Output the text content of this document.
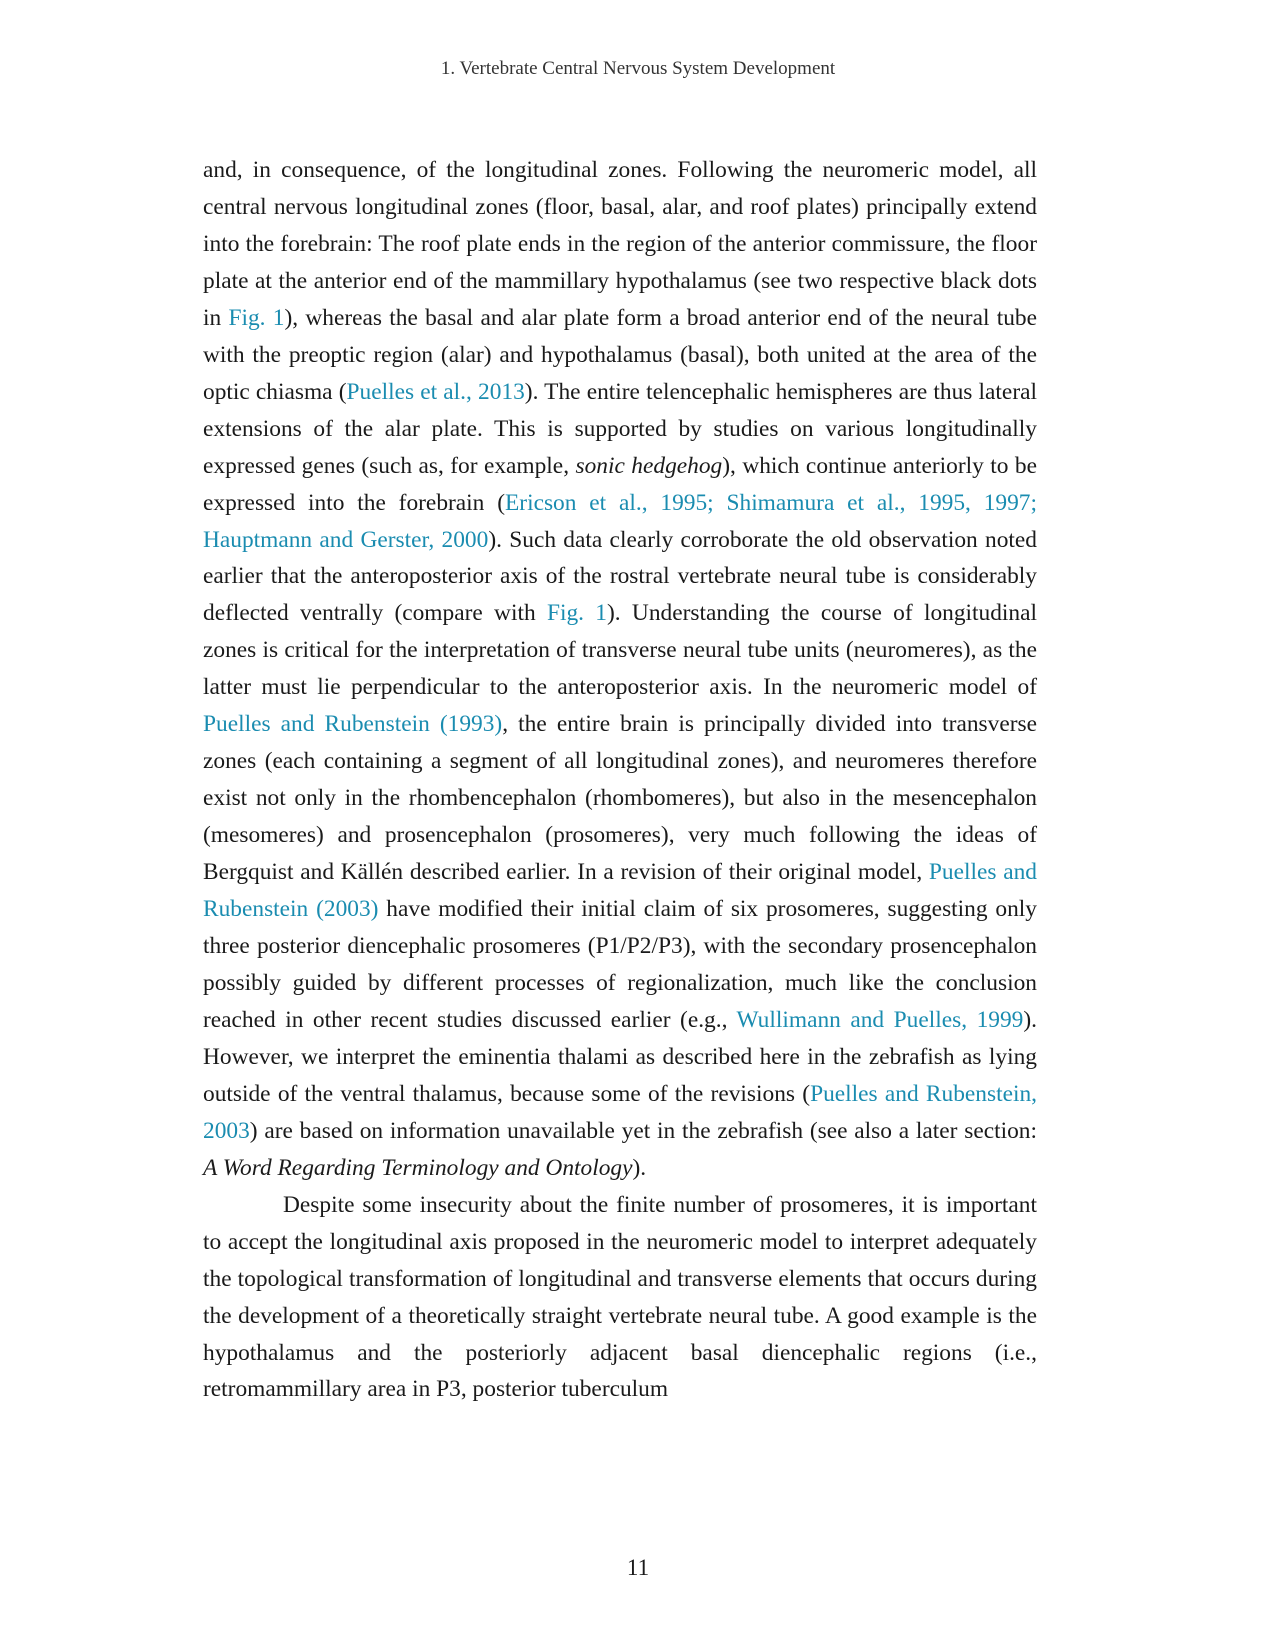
1. Vertebrate Central Nervous System Development

and, in consequence, of the longitudinal zones. Following the neuromeric model, all central nervous longitudinal zones (floor, basal, alar, and roof plates) principally extend into the forebrain: The roof plate ends in the region of the anterior commissure, the floor plate at the anterior end of the mammillary hypothalamus (see two respective black dots in Fig. 1), whereas the basal and alar plate form a broad anterior end of the neural tube with the preoptic region (alar) and hypothalamus (basal), both united at the area of the optic chiasma (Puelles et al., 2013). The entire telencephalic hemispheres are thus lateral extensions of the alar plate. This is supported by studies on various longitudinally expressed genes (such as, for example, sonic hedgehog), which continue anteriorly to be expressed into the forebrain (Ericson et al., 1995; Shimamura et al., 1995, 1997; Hauptmann and Gerster, 2000). Such data clearly corroborate the old observation noted earlier that the anteroposterior axis of the rostral vertebrate neural tube is considerably deflected ventrally (compare with Fig. 1). Understanding the course of longitudinal zones is critical for the interpretation of transverse neural tube units (neuromeres), as the latter must lie perpendicular to the anteroposterior axis. In the neuromeric model of Puelles and Rubenstein (1993), the entire brain is principally divided into transverse zones (each containing a segment of all longitudinal zones), and neuromeres therefore exist not only in the rhombencephalon (rhombomeres), but also in the mesencephalon (mesomeres) and prosencephalon (prosomeres), very much following the ideas of Bergquist and Källén described earlier. In a revision of their original model, Puelles and Rubenstein (2003) have modified their initial claim of six prosomeres, suggesting only three posterior diencephalic prosomeres (P1/P2/P3), with the secondary prosencephalon possibly guided by different processes of regionalization, much like the conclusion reached in other recent studies discussed earlier (e.g., Wullimann and Puelles, 1999). However, we interpret the eminentia thalami as described here in the zebrafish as lying outside of the ventral thalamus, because some of the revisions (Puelles and Rubenstein, 2003) are based on information unavailable yet in the zebrafish (see also a later section: A Word Regarding Terminology and Ontology).

Despite some insecurity about the finite number of prosomeres, it is important to accept the longitudinal axis proposed in the neuromeric model to interpret adequately the topological transformation of longitudinal and transverse elements that occurs during the development of a theoretically straight vertebrate neural tube. A good example is the hypothalamus and the posteriorly adjacent basal diencephalic regions (i.e., retromammillary area in P3, posterior tuberculum

11
